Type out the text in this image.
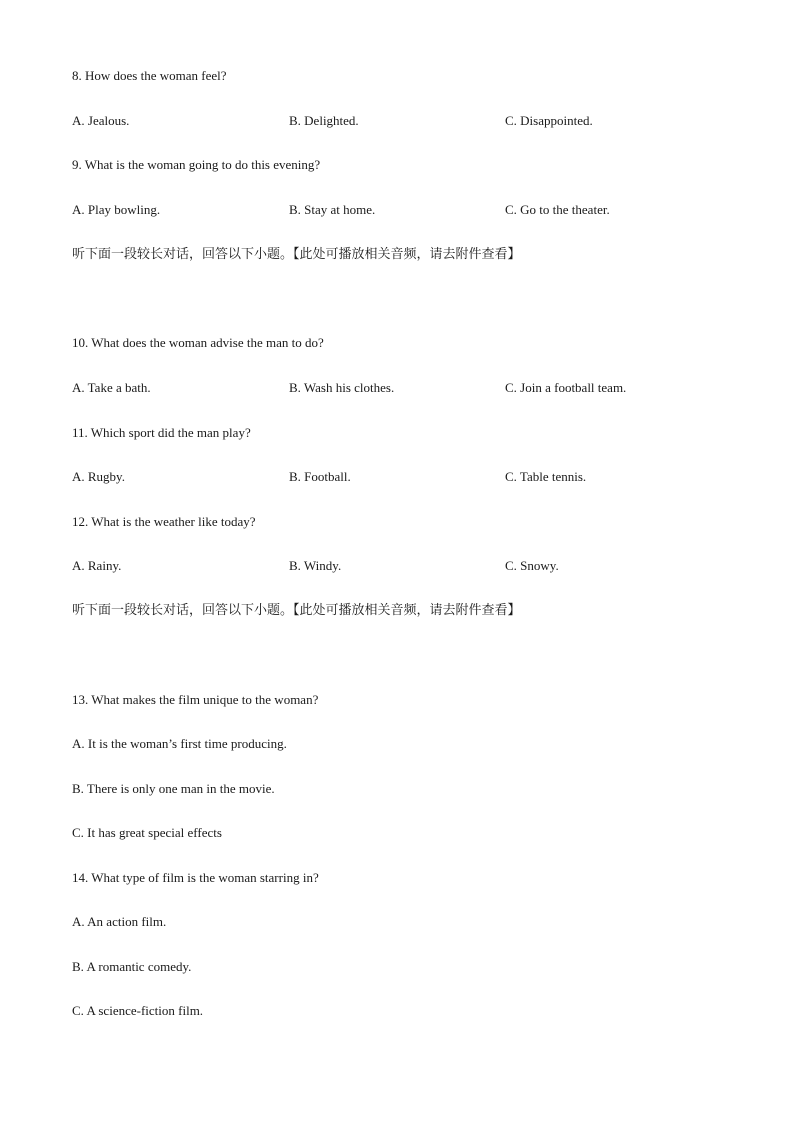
8. How does the woman feel?
A. Jealous.	B. Delighted.	C. Disappointed.
9. What is the woman going to do this evening?
A. Play bowling.	B. Stay at home.	C. Go to the theater.
听下面一段较长对话，回答以下小题。【此处可播放相关音频，请去附件查看】
10. What does the woman advise the man to do?
A. Take a bath.	B. Wash his clothes.	C. Join a football team.
11. Which sport did the man play?
A. Rugby.	B. Football.	C. Table tennis.
12. What is the weather like today?
A. Rainy.	B. Windy.	C. Snowy.
听下面一段较长对话，回答以下小题。【此处可播放相关音频，请去附件查看】
13. What makes the film unique to the woman?
A. It is the woman’s first time producing.
B. There is only one man in the movie.
C. It has great special effects
14. What type of film is the woman starring in?
A. An action film.
B. A romantic comedy.
C. A science-fiction film.
